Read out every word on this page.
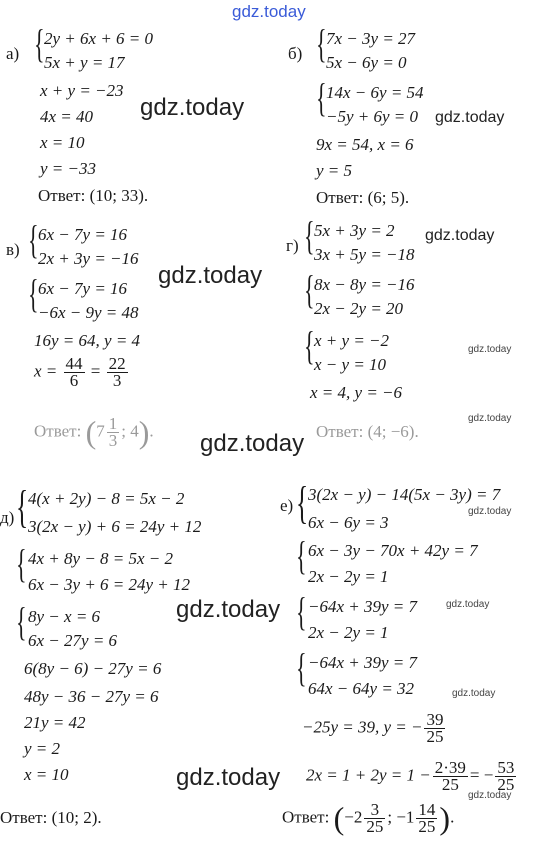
gdz.today
а) { 2y + 6x + 6 = 0
5x + y = 17
x + y = −23
4x = 40
x = 10
y = −33
Ответ: (10; 33).
gdz.today
б) { 7x − 3y = 27
5x − 6y = 0
{ 14x − 6y = 54
−5y + 6y = 0 gdz.today
9x = 54, x = 6
y = 5
Ответ: (6; 5).
в) { 6x − 7y = 16
2x + 3y = −16
{ 6x − 7y = 16
−6x − 9y = 48
16y = 64, y = 4
$x = \frac{44}{6} = \frac{22}{3}$
gdz.today
Ответ: ($7 \frac{1}{3}$ ; 4). gdz.today
г) { 5x + 3y = 2
3x + 5y = −18
gdz.today
{ 8x − 8y = −16
2x − 2y = 20
{ x + y = −2
x − y = 10
gdz.today
x = 4, y = −6
gdz.today
Ответ: (4; −6).
д) { 4(x + 2y) − 8 = 5x − 2
3(2x − y) + 6 = 24y + 12
{ 4x + 8y − 8 = 5x − 2
6x − 3y + 6 = 24y + 12
{ 8y − x = 6
6x − 27y = 6
6(8y − 6) − 27y = 6
48y − 36 − 27y = 6
21y = 42
y = 2
x = 10
Ответ: (10; 2).
gdz.today
gdz.today
е) { 3(2x − y) − 14(5x − 3y) = 7
6x − 6y = 3
gdz.today
{ 6x − 3y − 70x + 42y = 7
2x − 2y = 1
{ −64x + 39y = 7
2x − 2y = 1
gdz.today
{ −64x + 39y = 7
64x − 64y = 32	gdz.today
−25y = 39, y = − $\frac{39}{25}$
$2x = 1 + 2y = 1 - \frac{2\cdot 39}{25}$ = − $\frac{53}{25}$
gdz.today
Ответ: ($-2 \frac{3}{25}$ ; $-1 \frac{14}{25}$ ).
